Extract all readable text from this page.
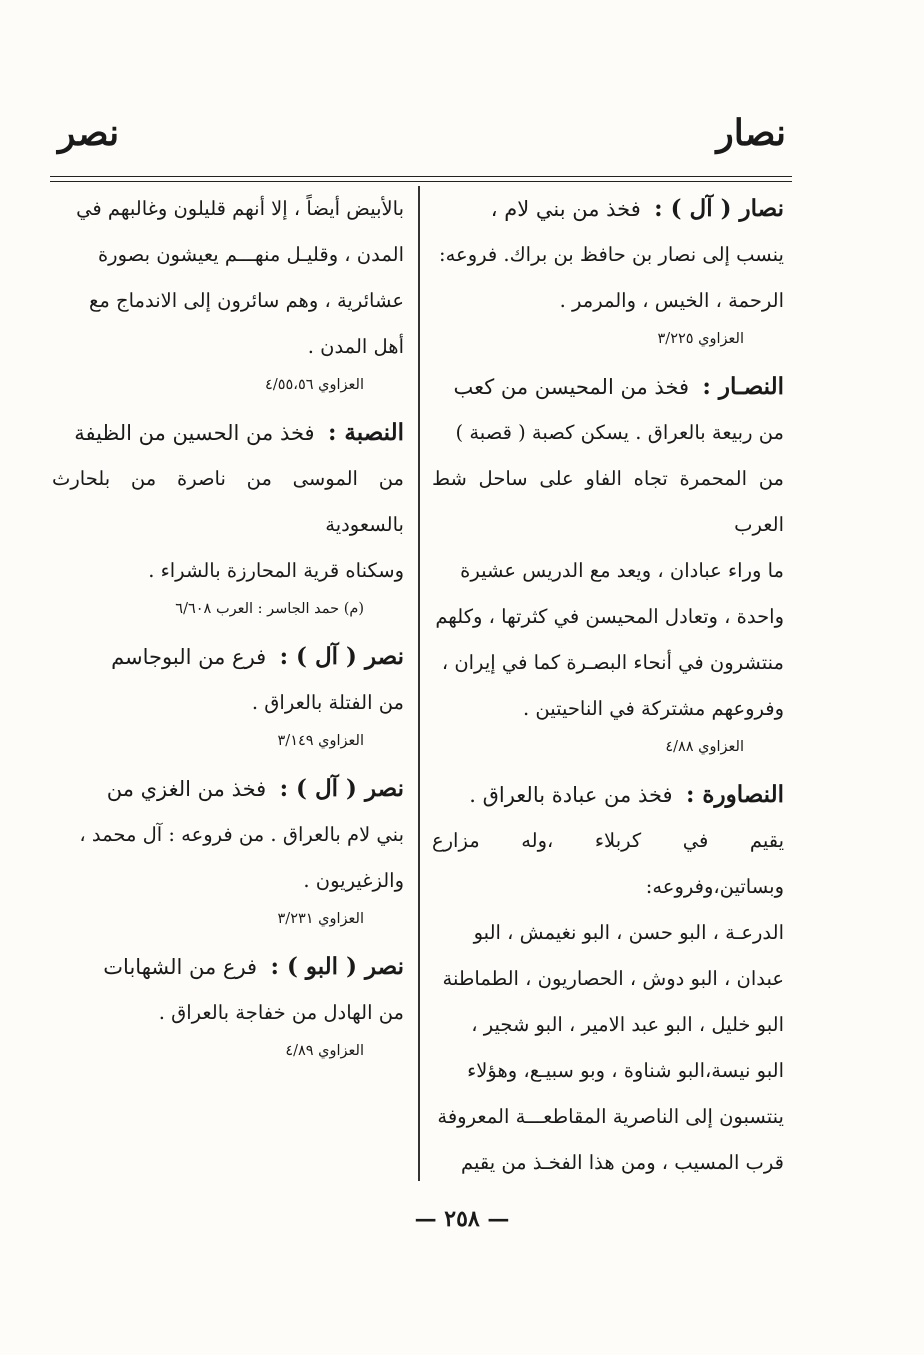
نصار
نصر

نصار ( آل ) :  فخذ من بني لام ،

ينسب إلى نصار بن حافظ بن براك. فروعه:

الرحمة ، الخيس ، والمرمر .

العزاوي ٣/٢٢٥

النصـار :  فخذ من المحيسن من كعب

من ربيعة بالعراق . يسكن كصبة ( قصبة )

من المحمرة تجاه الفاو على ساحل شط العرب

ما وراء عبادان ، ويعد مع الدريس عشيرة

واحدة ، وتعادل المحيسن في كثرتها ، وكلهم

منتشرون في أنحاء البصـرة كما في إيران ،

وفروعهم مشتركة في الناحيتين .

العزاوي ٤/٨٨

النصاورة :  فخذ من عبادة بالعراق .

يقيم في كربلاء ،وله مزارع وبساتين،وفروعه:

الدرعـة ، البو حسن ، البو نغيمش ، البو

عبدان ، البو دوش ، الحصاريون ، الطماطنة

البو خليل ، البو عبد الامير ، البو شجير ،

البو نيسة،البو شناوة ، وبو سبيـع، وهؤلاء

ينتسبون إلى الناصرية المقاطعـــة المعروفة

قرب المسيب ، ومن هذا الفخـذ من يقيم

بالأبيض أيضاً ، إلا أنهم قليلون وغالبهم في

المدن ، وقليـل منهـــم يعيشون بصورة

عشائرية ، وهم سائرون إلى الاندماج مع

أهل المدن .

العزاوي ٤/٥٥،٥٦

النصبة :  فخذ من الحسين من الظيفة

من الموسى من ناصرة من بلحارث بالسعودية

وسكناه قرية المحارزة بالشراء .

(م) حمد الجاسر : العرب ٦/٦٠٨

نصر ( آل ) :  فرع من البوجاسم

من الفتلة بالعراق .

العزاوي ٣/١٤٩

نصر ( آل ) :  فخذ من الغزي من

بني لام بالعراق . من فروعه : آل محمد ،

والزغيريون .

العزاوي ٣/٢٣١

نصر ( البو ) :  فرع من الشهابات

من الهادل من خفاجة بالعراق .

العزاوي ٤/٨٩
— ٢٥٨ —
